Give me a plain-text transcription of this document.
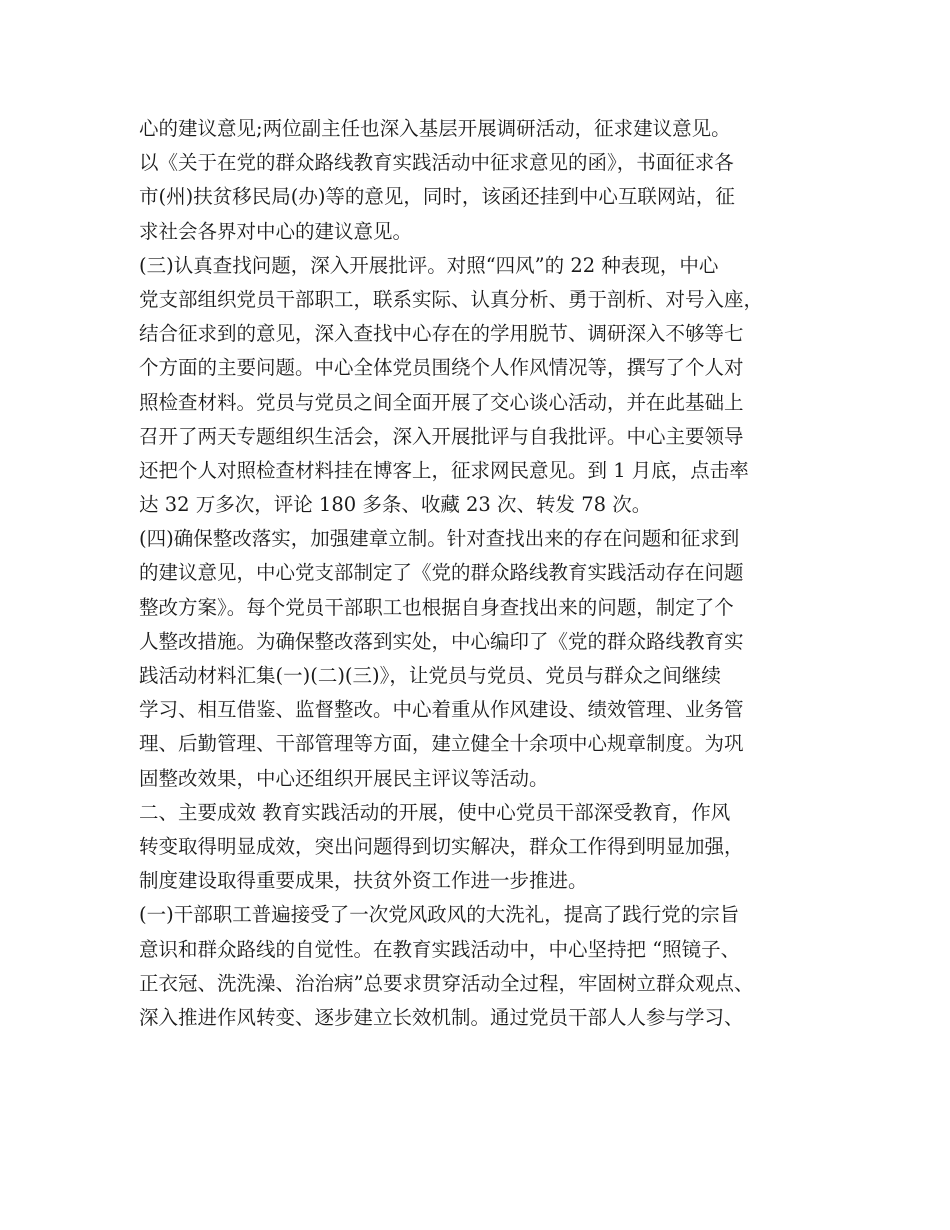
心的建议意见;两位副主任也深入基层开展调研活动，征求建议意见。
以《关于在党的群众路线教育实践活动中征求意见的函》，书面征求各
市(州)扶贫移民局(办)等的意见，同时，该函还挂到中心互联网站，征
求社会各界对中心的建议意见。
(三)认真查找问题，深入开展批评。对照“四风”的 22 种表现，中心
党支部组织党员干部职工，联系实际、认真分析、勇于剖析、对号入座，
结合征求到的意见，深入查找中心存在的学用脱节、调研深入不够等七
个方面的主要问题。中心全体党员围绕个人作风情况等，撰写了个人对
照检查材料。党员与党员之间全面开展了交心谈心活动，并在此基础上
召开了两天专题组织生活会，深入开展批评与自我批评。中心主要领导
还把个人对照检查材料挂在博客上，征求网民意见。到 1 月底，点击率
达 32 万多次，评论 180 多条、收藏 23 次、转发 78 次。
(四)确保整改落实，加强建章立制。针对查找出来的存在问题和征求到
的建议意见，中心党支部制定了《党的群众路线教育实践活动存在问题
整改方案》。每个党员干部职工也根据自身查找出来的问题，制定了个
人整改措施。为确保整改落到实处，中心编印了《党的群众路线教育实
践活动材料汇集(一)(二)(三)》，让党员与党员、党员与群众之间继续
学习、相互借鉴、监督整改。中心着重从作风建设、绩效管理、业务管
理、后勤管理、干部管理等方面，建立健全十余项中心规章制度。为巩
固整改效果，中心还组织开展民主评议等活动。
二、主要成效 教育实践活动的开展，使中心党员干部深受教育，作风
转变取得明显成效，突出问题得到切实解决，群众工作得到明显加强，
制度建设取得重要成果，扶贫外资工作进一步推进。
(一)干部职工普遍接受了一次党风政风的大洗礼，提高了践行党的宗旨
意识和群众路线的自觉性。在教育实践活动中，中心坚持把 “照镜子、
正衣冠、洗洗澡、治治病”总要求贯穿活动全过程，牢固树立群众观点、
深入推进作风转变、逐步建立长效机制。通过党员干部人人参与学习、
